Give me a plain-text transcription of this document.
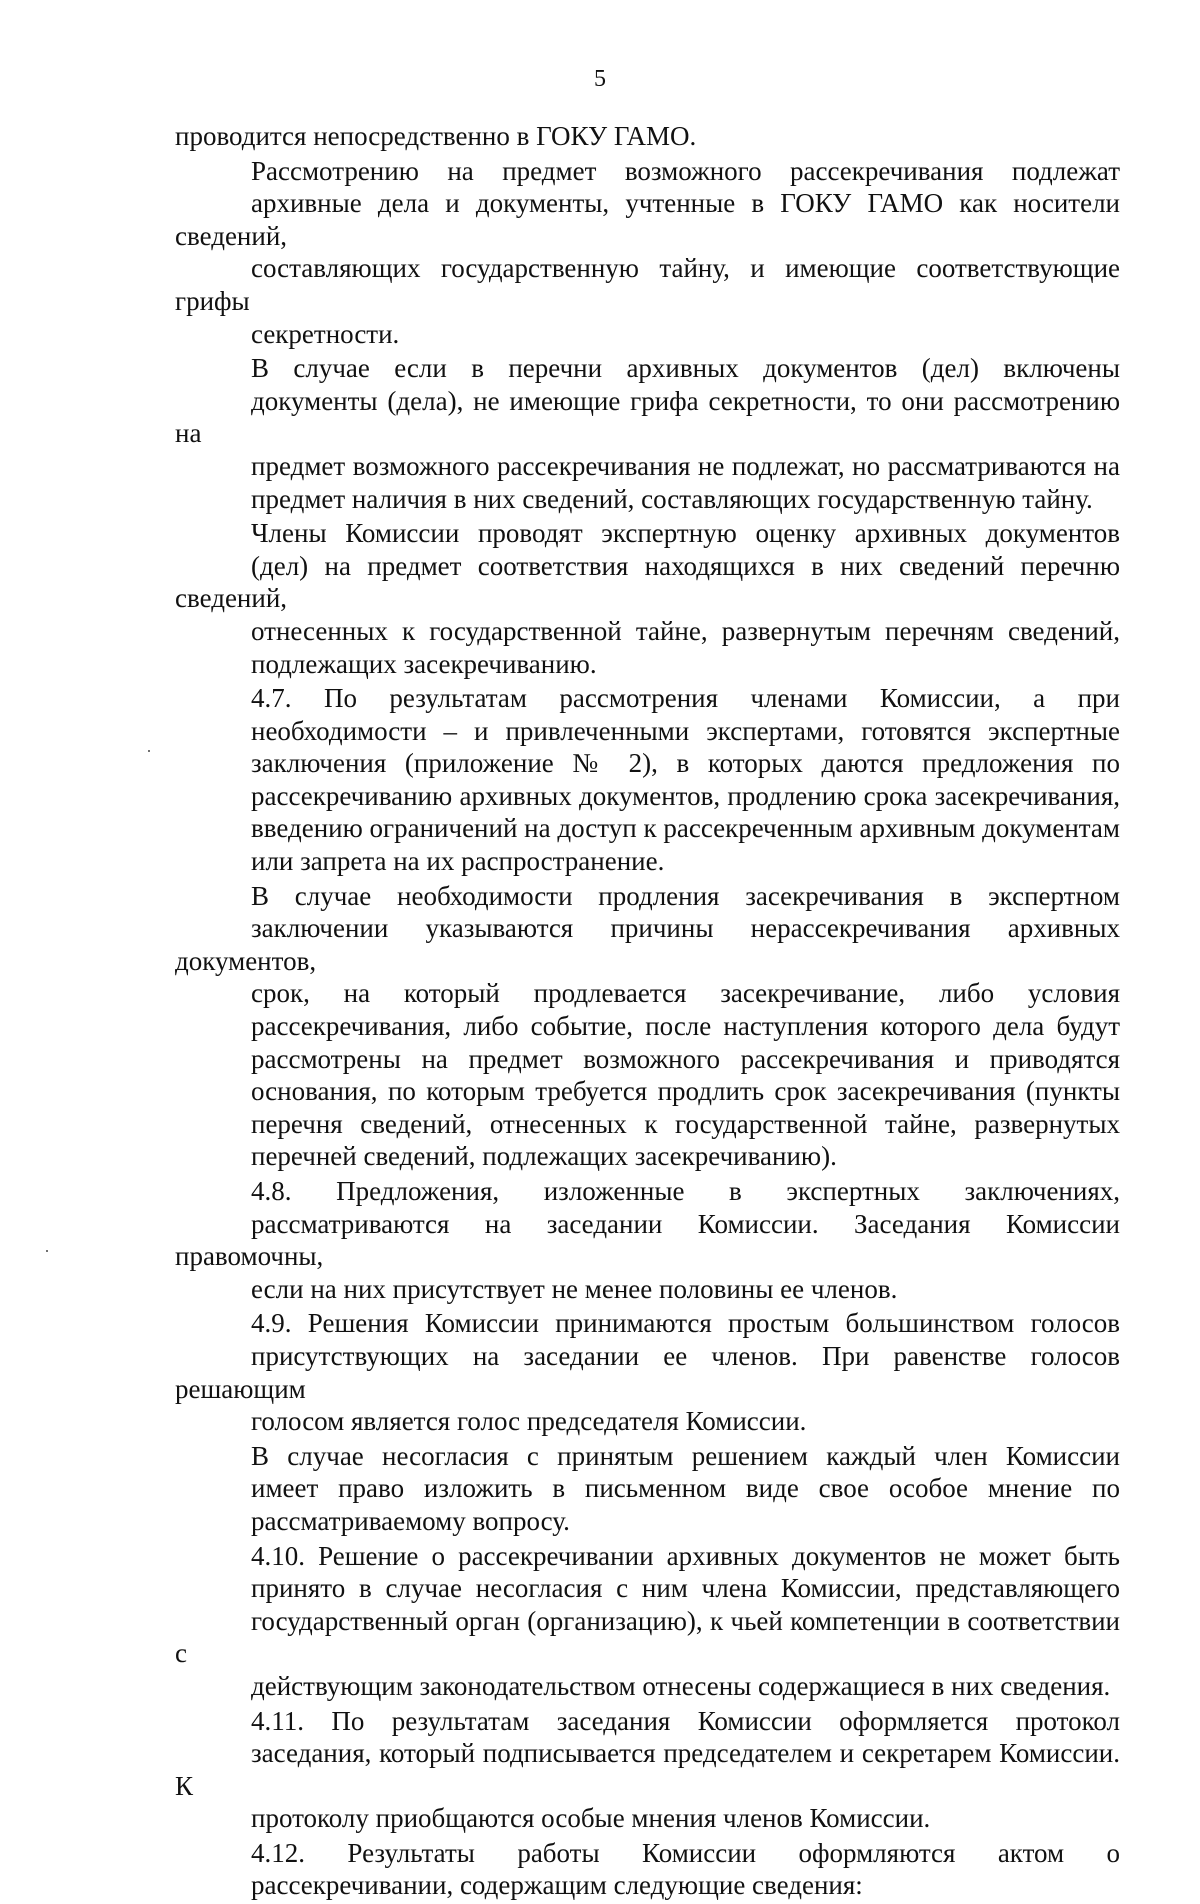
5
проводится непосредственно в ГОКУ ГАМО.
Рассмотрению на предмет возможного рассекречивания подлежат
архивные дела и документы, учтенные в ГОКУ ГАМО как носители сведений,
составляющих государственную тайну, и имеющие соответствующие грифы
секретности.
В случае если в перечни архивных документов (дел) включены
документы (дела), не имеющие грифа секретности, то они рассмотрению на
предмет возможного рассекречивания не подлежат, но рассматриваются на
предмет наличия в них сведений, составляющих государственную тайну.
Члены Комиссии проводят экспертную оценку архивных документов
(дел) на предмет соответствия находящихся в них сведений перечню сведений,
отнесенных к государственной тайне, развернутым перечням сведений,
подлежащих засекречиванию.
4.7. По результатам рассмотрения членами Комиссии, а при
необходимости – и привлеченными экспертами, готовятся экспертные
заключения (приложение № 2), в которых даются предложения по
рассекречиванию архивных документов, продлению срока засекречивания,
введению ограничений на доступ к рассекреченным архивным документам
или запрета на их распространение.
В случае необходимости продления засекречивания в экспертном
заключении указываются причины нерассекречивания архивных документов,
срок, на который продлевается засекречивание, либо условия
рассекречивания, либо событие, после наступления которого дела будут
рассмотрены на предмет возможного рассекречивания и приводятся
основания, по которым требуется продлить срок засекречивания (пункты
перечня сведений, отнесенных к государственной тайне, развернутых
перечней сведений, подлежащих засекречиванию).
4.8. Предложения, изложенные в экспертных заключениях,
рассматриваются на заседании Комиссии. Заседания Комиссии правомочны,
если на них присутствует не менее половины ее членов.
4.9. Решения Комиссии принимаются простым большинством голосов
присутствующих на заседании ее членов. При равенстве голосов решающим
голосом является голос председателя Комиссии.
В случае несогласия с принятым решением каждый член Комиссии
имеет право изложить в письменном виде свое особое мнение по
рассматриваемому вопросу.
4.10. Решение о рассекречивании архивных документов не может быть
принято в случае несогласия с ним члена Комиссии, представляющего
государственный орган (организацию), к чьей компетенции в соответствии с
действующим законодательством отнесены содержащиеся в них сведения.
4.11. По результатам заседания Комиссии оформляется протокол
заседания, который подписывается председателем и секретарем Комиссии. К
протоколу приобщаются особые мнения членов Комиссии.
4.12. Результаты работы Комиссии оформляются актом о
рассекречивании, содержащим следующие сведения:
